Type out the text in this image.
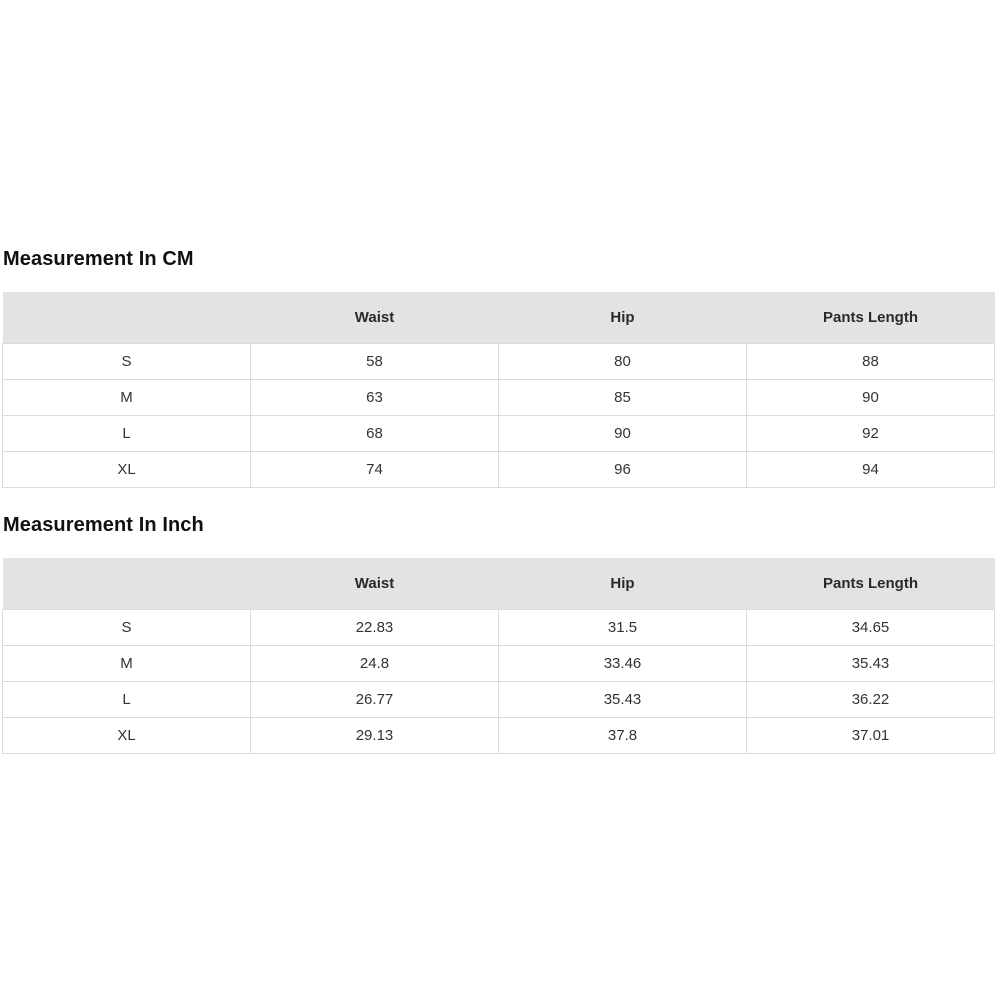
Measurement In CM
	Waist	Hip	Pants Length
S	58	80	88
M	63	85	90
L	68	90	92
XL	74	96	94
Measurement In Inch
	Waist	Hip	Pants Length
S	22.83	31.5	34.65
M	24.8	33.46	35.43
L	26.77	35.43	36.22
XL	29.13	37.8	37.01
